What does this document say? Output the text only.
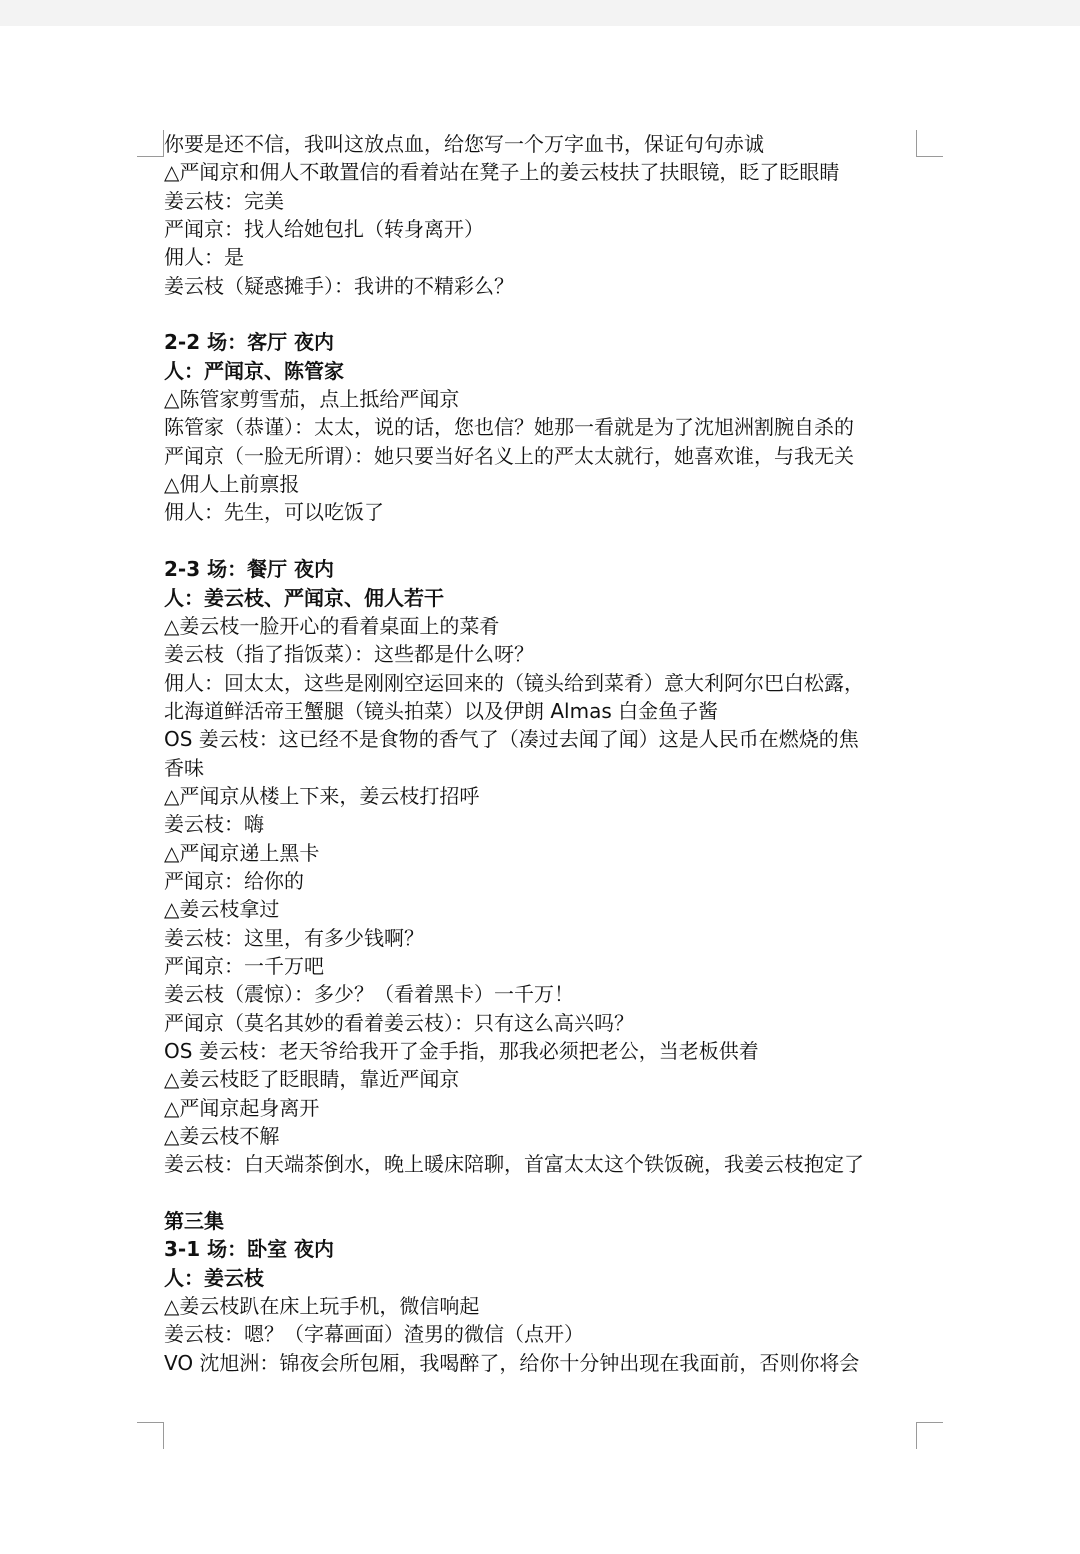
你要是还不信，我叫这放点血，给您写一个万字血书，保证句句赤诚
△严闻京和佣人不敢置信的看着站在凳子上的姜云枝扶了扶眼镜，眨了眨眼睛
姜云枝：完美
严闻京：找人给她包扎（转身离开）
佣人：是
姜云枝（疑惑摊手）：我讲的不精彩么？
2-2 场：客厅 夜内
人：严闻京、陈管家
△陈管家剪雪茄，点上抵给严闻京
陈管家（恭谨）：太太，说的话，您也信？她那一看就是为了沈旭洲割腕自杀的
严闻京（一脸无所谓）：她只要当好名义上的严太太就行，她喜欢谁，与我无关
△佣人上前禀报
佣人：先生，可以吃饭了
2-3 场：餐厅 夜内
人：姜云枝、严闻京、佣人若干
△姜云枝一脸开心的看着桌面上的菜肴
姜云枝（指了指饭菜）：这些都是什么呀？
佣人：回太太，这些是刚刚空运回来的（镜头给到菜肴）意大利阿尔巴白松露，
北海道鲜活帝王蟹腿（镜头拍菜）以及伊朗 Almas 白金鱼子酱
OS 姜云枝：这已经不是食物的香气了（凑过去闻了闻）这是人民币在燃烧的焦
香味
△严闻京从楼上下来，姜云枝打招呼
姜云枝：嗨
△严闻京递上黑卡
严闻京：给你的
△姜云枝拿过
姜云枝：这里，有多少钱啊？
严闻京：一千万吧
姜云枝（震惊）：多少？（看着黑卡）一千万！
严闻京（莫名其妙的看着姜云枝）：只有这么高兴吗？
OS 姜云枝：老天爷给我开了金手指，那我必须把老公，当老板供着
△姜云枝眨了眨眼睛，靠近严闻京
△严闻京起身离开
△姜云枝不解
姜云枝：白天端茶倒水，晚上暖床陪聊，首富太太这个铁饭碗，我姜云枝抱定了
第三集
3-1 场：卧室 夜内
人：姜云枝
△姜云枝趴在床上玩手机，微信响起
姜云枝：嗯？（字幕画面）渣男的微信（点开）
VO 沈旭洲：锦夜会所包厢，我喝醉了，给你十分钟出现在我面前，否则你将会
